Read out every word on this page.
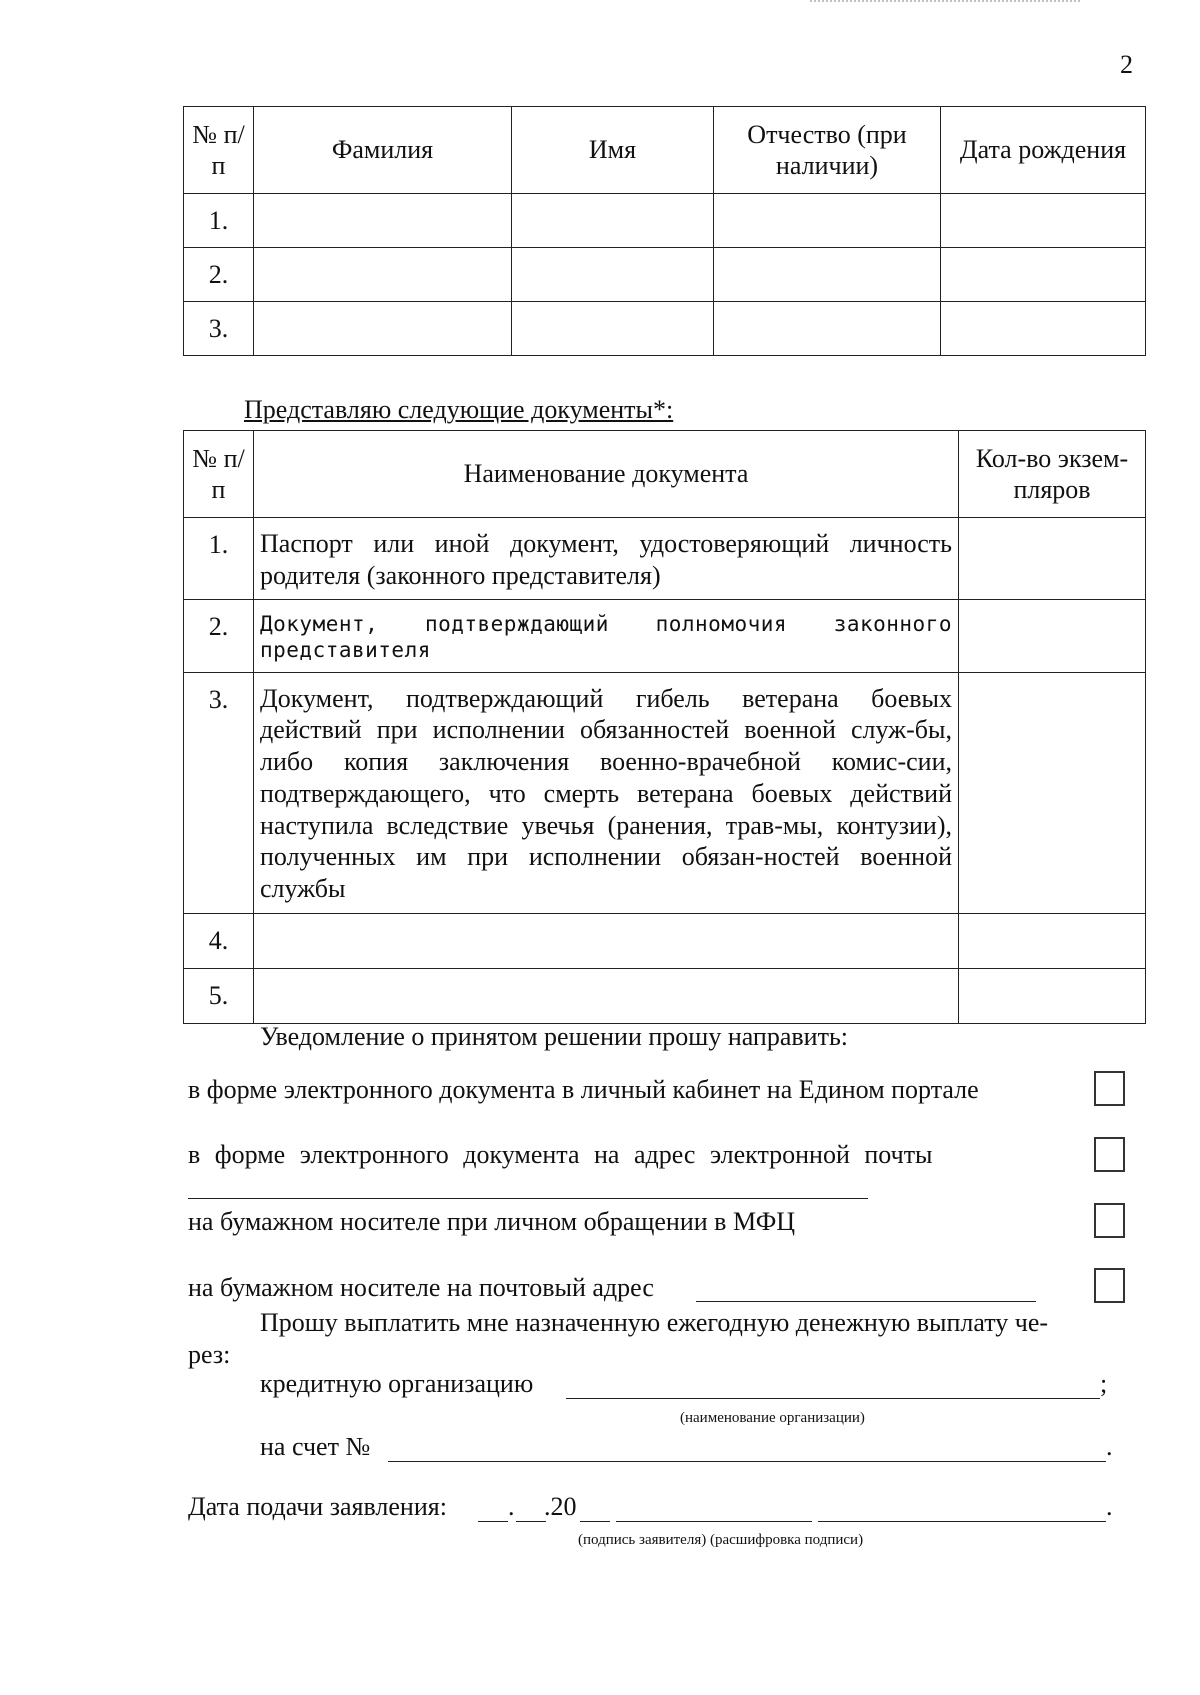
2
№ п/п	Фамилия	Имя	Отчество (при наличии)	Дата рождения
1.				
2.				
3.				
Представляю следующие документы*:
№ п/п	Наименование документа	Кол-во экзем-пляров
1.	Паспорт или иной документ, удостоверяющий личность родителя (законного представителя)	
2.	Документ, подтверждающий полномочия законного представителя	
3.	Документ, подтверждающий гибель ветерана боевых действий при исполнении обязанностей военной служ-бы, либо копия заключения военно-врачебной комис-сии, подтверждающего, что смерть ветерана боевых действий наступила вследствие увечья (ранения, трав-мы, контузии), полученных им при исполнении обязан-ностей военной службы	
4.		
5.		
Уведомление о принятом решении прошу направить:
в форме электронного документа в личный кабинет на Едином портале
в форме электронного документа на адрес электронной почты
на бумажном носителе при личном обращении в МФЦ
на бумажном носителе на почтовый адрес
Прошу выплатить мне назначенную ежегодную денежную выплату че-
рез:
кредитную организацию	;
(наименование организации)
на счет №	.
Дата подачи заявления: . .20	.
(подпись заявителя) (расшифровка подписи)
